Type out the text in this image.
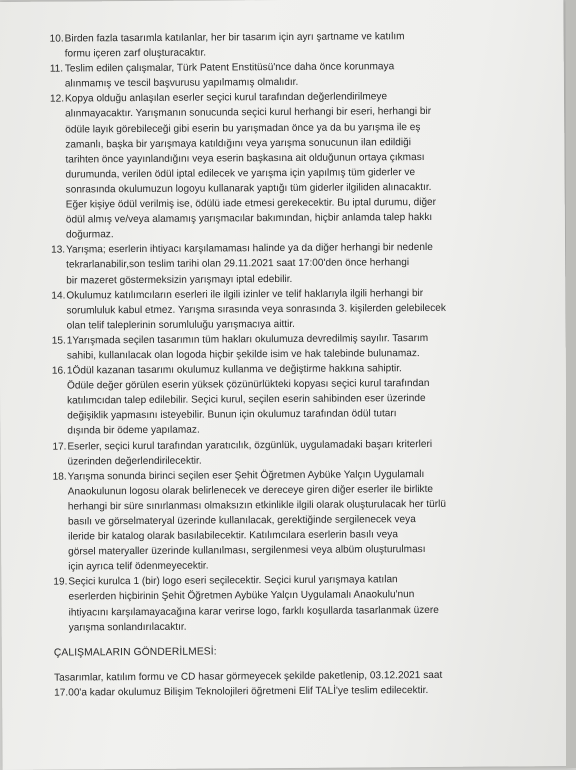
10. Birden fazla tasarımla katılanlar, her bir tasarım için ayrı şartname ve katılım
formu içeren zarf oluşturacaktır.
11. Teslim edilen çalışmalar, Türk Patent Enstitüsü'nce daha önce korunmaya
alınmamış ve tescil başvurusu yapılmamış olmalıdır.
12. Kopya olduğu anlaşılan eserler seçici kurul tarafından değerlendirilmeye
alınmayacaktır. Yarışmanın sonucunda seçici kurul herhangi bir eseri, herhangi bir
ödüle layık görebileceği gibi eserin bu yarışmadan önce ya da bu yarışma ile eş
zamanlı, başka bir yarışmaya katıldığını veya yarışma sonucunun ilan edildiği
tarihten önce yayınlandığını veya eserin başkasına ait olduğunun ortaya çıkması
durumunda, verilen ödül iptal edilecek ve yarışma için yapılmış tüm giderler ve
sonrasında okulumuzun logoyu kullanarak yaptığı tüm giderler ilgiliden alınacaktır.
Eğer kişiye ödül verilmiş ise, ödülü iade etmesi gerekecektir. Bu iptal durumu, diğer
ödül almış ve/veya alamamış yarışmacılar bakımından, hiçbir anlamda talep hakkı
doğurmaz.
13. Yarışma; eserlerin ihtiyacı karşılamaması halinde ya da diğer herhangi bir nedenle
tekrarlanabilir,son teslim tarihi olan 29.11.2021 saat 17:00'den önce herhangi
bir mazeret göstermeksizin yarışmayı iptal edebilir.
14. Okulumuz katılımcıların eserleri ile ilgili izinler ve telif haklarıyla ilgili herhangi bir
sorumluluk kabul etmez. Yarışma sırasında veya sonrasında 3. kişilerden gelebilecek
olan telif taleplerinin sorumluluğu yarışmacıya aittir.
15. 1Yarışmada seçilen tasarımın tüm hakları okulumuza devredilmiş sayılır. Tasarım
sahibi, kullanılacak olan logoda hiçbir şekilde isim ve hak talebinde bulunamaz.
16. 1Ödül kazanan tasarımı okulumuz kullanma ve değiştirme hakkına sahiptir.
Ödüle değer görülen eserin yüksek çözünürlükteki kopyası seçici kurul tarafından
katılımcıdan talep edilebilir. Seçici kurul, seçilen eserin sahibinden eser üzerinde
değişiklik yapmasını isteyebilir. Bunun için okulumuz tarafından ödül tutarı
dışında bir ödeme yapılamaz.
17. Eserler, seçici kurul tarafından yaratıcılık, özgünlük, uygulamadaki başarı kriterleri
üzerinden değerlendirilecektir.
18. Yarışma sonunda birinci seçilen eser Şehit Öğretmen Aybüke Yalçın Uygulamalı
Anaokulunun logosu olarak belirlenecek ve dereceye giren diğer eserler ile birlikte
herhangi bir süre sınırlanması olmaksızın etkinlikle ilgili olarak oluşturulacak her türlü
basılı ve görselmateryal üzerinde kullanılacak, gerektiğinde sergilenecek veya
ileride bir katalog olarak basılabilecektir. Katılımcılara eserlerin basılı veya
görsel materyaller üzerinde kullanılması, sergilenmesi veya albüm oluşturulması
için ayrıca telif ödenmeyecektir.
19. Seçici kurulca 1 (bir) logo eseri seçilecektir. Seçici kurul yarışmaya katılan
eserlerden hiçbirinin Şehit Öğretmen Aybüke Yalçın Uygulamalı Anaokulu'nun
ihtiyacını karşılamayacağına karar verirse logo, farklı koşullarda tasarlanmak üzere
yarışma sonlandırılacaktır.
ÇALIŞMALARIN GÖNDERİLMESİ:
Tasarımlar, katılım formu ve CD hasar görmeyecek şekilde paketlenip, 03.12.2021 saat
17.00'a kadar okulumuz Bilişim Teknolojileri öğretmeni Elif TALİ'ye teslim edilecektir.
